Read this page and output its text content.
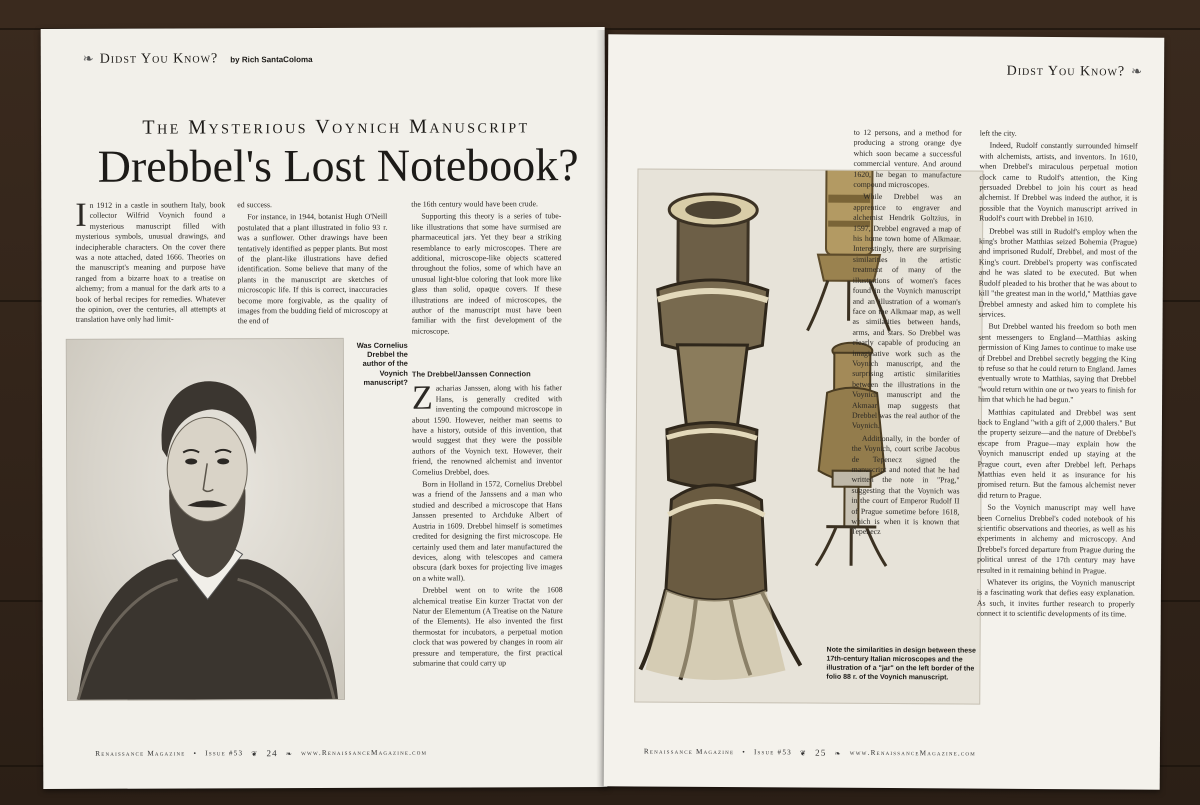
❧ Didst You Know? by Rich SantaColoma
The Mysterious Voynich Manuscript
Drebbel's Lost Notebook?

In 1912 in a castle in southern Italy, book collector Wilfrid Voynich found a mysterious manuscript filled with mysterious symbols, unusual drawings, and indecipherable characters. On the cover there was a note attached, dated 1666. Theories on the manuscript's meaning and purpose have ranged from a bizarre hoax to a treatise on alchemy; from a manual for the dark arts to a book of herbal recipes for remedies. Whatever the opinion, over the centuries, all attempts at translation have only had limit-

ed success.

For instance, in 1944, botanist Hugh O'Neill postulated that a plant illustrated in folio 93 r. was a sunflower. Other drawings have been tentatively identified as pepper plants. But most of the plant-like illustrations have defied identification. Some believe that many of the plants in the manuscript are sketches of microscopic life. If this is correct, inaccuracies become more forgivable, as the quality of images from the budding field of microscopy at the end of

the 16th century would have been crude.

Supporting this theory is a series of tube-like illustrations that some have surmised are pharmaceutical jars. Yet they bear a striking resemblance to early microscopes. There are additional, microscope-like objects scattered throughout the folios, some of which have an unusual light-blue coloring that look more like glass than solid, opaque covers. If these illustrations are indeed of microscopes, the author of the manuscript must have been familiar with the first development of the microscope.

The Drebbel/Janssen Connection

Zacharias Janssen, along with his father Hans, is generally credited with inventing the compound microscope in about 1590. However, neither man seems to have a history, outside of this invention, that would suggest that they were the possible authors of the Voynich text. However, their friend, the renowned alchemist and inventor Cornelius Drebbel, does.

Born in Holland in 1572, Cornelius Drebbel was a friend of the Janssens and a man who studied and described a microscope that Hans Janssen presented to Archduke Albert of Austria in 1609. Drebbel himself is sometimes credited for designing the first microscope. He certainly used them and later manufactured the devices, along with telescopes and camera obscura (dark boxes for projecting live images on a white wall).

Drebbel went on to write the 1608 alchemical treatise Ein kurzer Tractat von der Natur der Elementum (A Treatise on the Nature of the Elements). He also invented the first thermostat for incubators, a perpetual motion clock that was powered by changes in room air pressure and temperature, the first practical submarine that could carry up

Was Cornelius Drebbel the author of the Voynich manuscript?
Renaissance Magazine • Issue #53 ❦ 24 ❧ www.RenaissanceMagazine.com
Didst You Know? ❧

to 12 persons, and a method for producing a strong orange dye which soon became a successful commercial venture. And around 1620, he began to manufacture compound microscopes.

While Drebbel was an apprentice to engraver and alchemist Hendrik Goltzius, in 1597, Drebbel engraved a map of his home town home of Alkmaar. Interestingly, there are surprising similarities in the artistic treatment of many of the illustrations of women's faces found in the Voynich manuscript and an illustration of a woman's face on the Alkmaar map, as well as similarities between hands, arms, and stars. So Drebbel was clearly capable of producing an imaginative work such as the Voynich manuscript, and the surprising artistic similarities between the illustrations in the Voynich manuscript and the Akmaar map suggests that Drebbel was the real author of the Voynich.

Additionally, in the border of the Voynich, court scribe Jacobus de Tepenecz signed the manuscript and noted that he had written the note in "Prag," suggesting that the Voynich was in the court of Emperor Rudolf II of Prague sometime before 1618, which is when it is known that Tepenecz

Note the similarities in design between these 17th-century Italian microscopes and the illustration of a "jar" on the left border of the folio 88 r. of the Voynich manuscript.

left the city.

Indeed, Rudolf constantly surrounded himself with alchemists, artists, and inventors. In 1610, when Drebbel's miraculous perpetual motion clock came to Rudolf's attention, the King persuaded Drebbel to join his court as head alchemist. If Drebbel was indeed the author, it is possible that the Voynich manuscript arrived in Rudolf's court with Drebbel in 1610.

Drebbel was still in Rudolf's employ when the king's brother Matthias seized Bohemia (Prague) and imprisoned Rudolf, Drebbel, and most of the King's court. Drebbel's property was confiscated and he was slated to be executed. But when Rudolf pleaded to his brother that he was about to kill "the greatest man in the world," Matthias gave Drebbel amnesty and asked him to complete his services.

But Drebbel wanted his freedom so both men sent messengers to England—Matthias asking permission of King James to continue to make use of Drebbel and Drebbel secretly begging the King to refuse so that he could return to England. James eventually wrote to Matthias, saying that Drebbel "would return within one or two years to finish for him that which he had begun."

Matthias capitulated and Drebbel was sent back to England "with a gift of 2,000 thalers." But the property seizure—and the nature of Drebbel's escape from Prague—may explain how the Voynich manuscript ended up staying at the Prague court, even after Drebbel left. Perhaps Matthias even held it as insurance for his promised return. But the famous alchemist never did return to Prague.

So the Voynich manuscript may well have been Cornelius Drebbel's coded notebook of his scientific observations and theories, as well as his experiments in alchemy and microscopy. And Drebbel's forced departure from Prague during the political unrest of the 17th century may have resulted in it remaining behind in Prague.

Whatever its origins, the Voynich manuscript is a fascinating work that defies easy explanation. As such, it invites further research to properly connect it to scientific developments of its time.

Renaissance Magazine • Issue #53 ❦ 25 ❧ www.RenaissanceMagazine.com
